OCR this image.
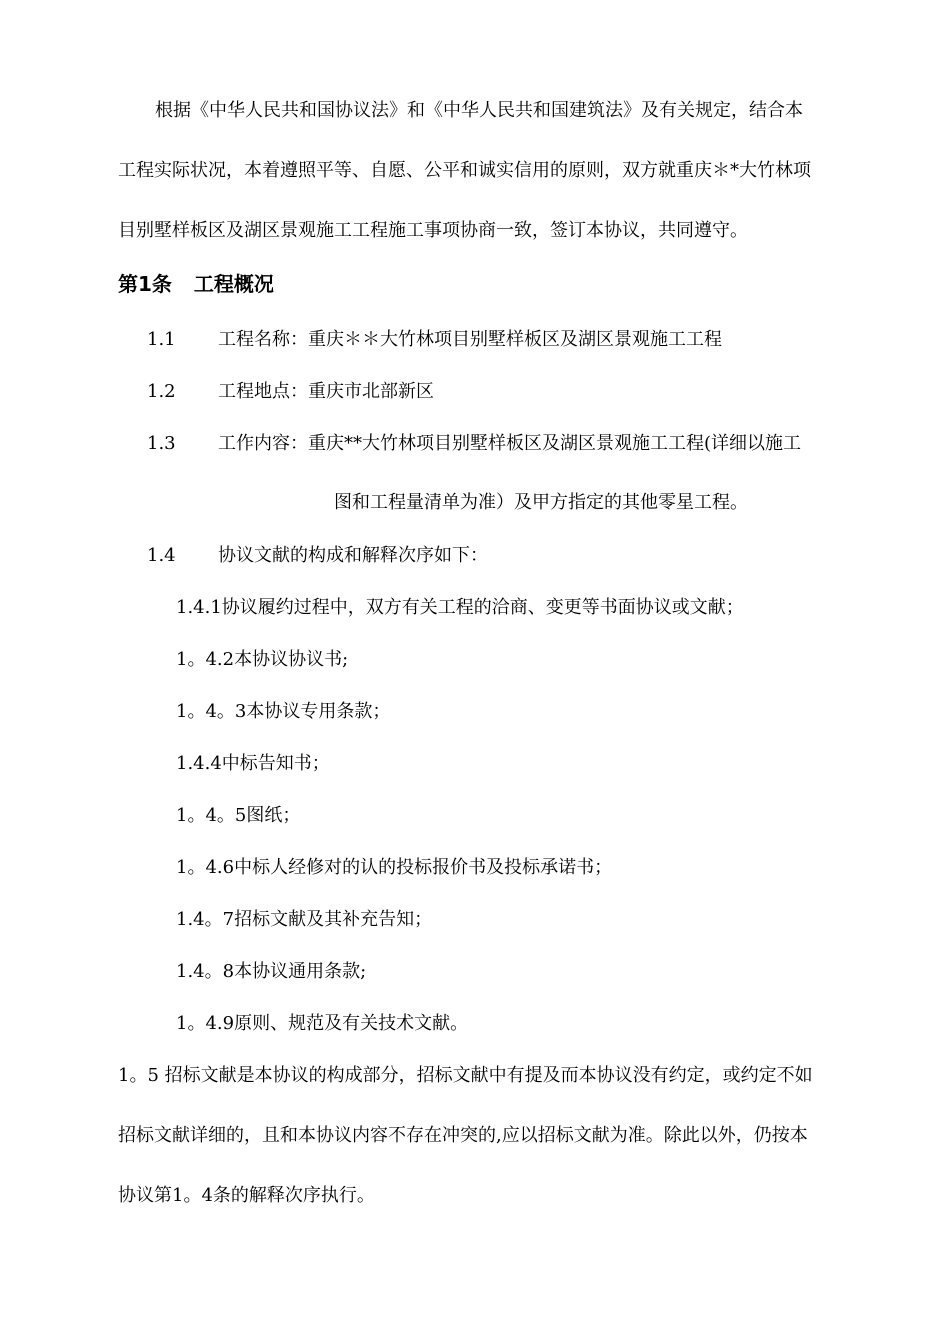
根据《中华人民共和国协议法》和《中华人民共和国建筑法》及有关规定，结合本
工程实际状况，本着遵照平等、自愿、公平和诚实信用的原则，双方就重庆＊*大竹林项
目别墅样板区及湖区景观施工工程施工事项协商一致，签订本协议，共同遵守。
第1条 工程概况
1.1 工程名称：重庆＊＊大竹林项目别墅样板区及湖区景观施工工程
1.2 工程地点：重庆市北部新区
1.3 工作内容：重庆**大竹林项目别墅样板区及湖区景观施工工程(详细以施工
图和工程量清单为准）及甲方指定的其他零星工程。
1.4 协议文献的构成和解释次序如下：
1.4.1协议履约过程中，双方有关工程的洽商、变更等书面协议或文献；
1。4.2本协议协议书;
1。4。3本协议专用条款；
1.4.4中标告知书；
1。4。5图纸；
1。4.6中标人经修对的认的投标报价书及投标承诺书；
1.4。7招标文献及其补充告知；
1.4。8本协议通用条款;
1。4.9原则、规范及有关技术文献。
1。5 招标文献是本协议的构成部分，招标文献中有提及而本协议没有约定，或约定不如
招标文献详细的，且和本协议内容不存在冲突的,应以招标文献为准。除此以外，仍按本
协议第1。4条的解释次序执行。
